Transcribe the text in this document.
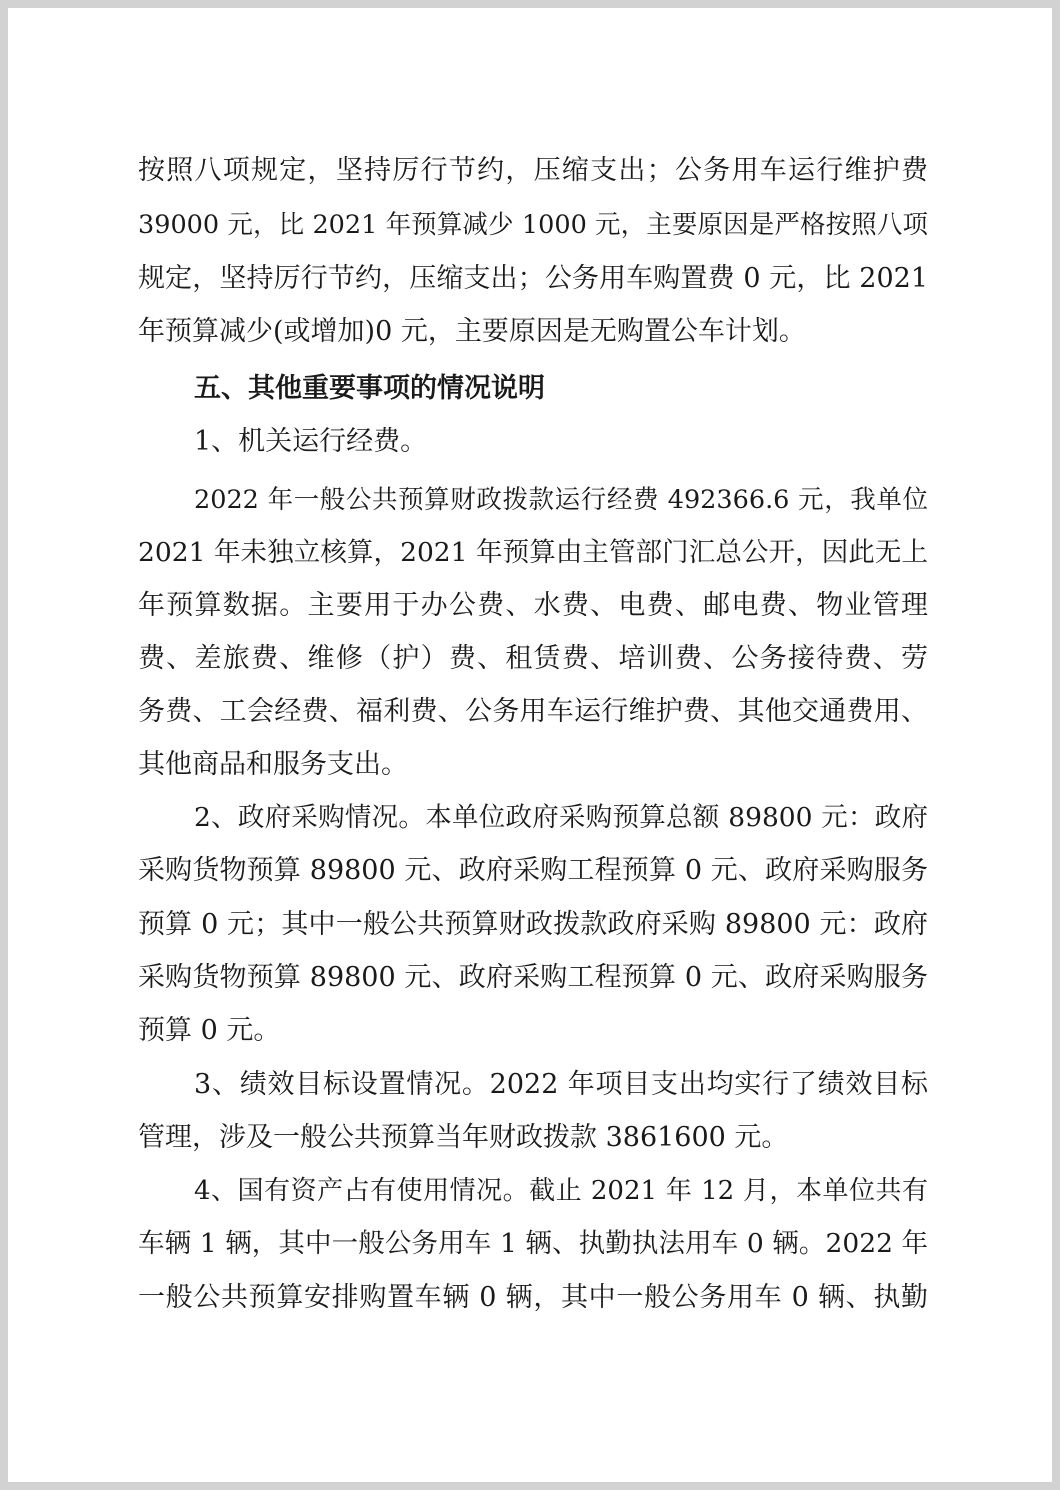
按照八项规定，坚持厉行节约，压缩支出；公务用车运行维护费
39000 元，比 2021 年预算减少 1000 元，主要原因是严格按照八项
规定，坚持厉行节约，压缩支出；公务用车购置费 0 元，比 2021
年预算减少(或增加)0 元，主要原因是无购置公车计划。
五、其他重要事项的情况说明
1、机关运行经费。
2022 年一般公共预算财政拨款运行经费 492366.6 元，我单位
2021 年未独立核算，2021 年预算由主管部门汇总公开，因此无上
年预算数据。主要用于办公费、水费、电费、邮电费、物业管理
费、差旅费、维修（护）费、租赁费、培训费、公务接待费、劳
务费、工会经费、福利费、公务用车运行维护费、其他交通费用、
其他商品和服务支出。
2、政府采购情况。本单位政府采购预算总额 89800 元：政府
采购货物预算 89800 元、政府采购工程预算 0 元、政府采购服务
预算 0 元；其中一般公共预算财政拨款政府采购 89800 元：政府
采购货物预算 89800 元、政府采购工程预算 0 元、政府采购服务
预算 0 元。
3、绩效目标设置情况。2022 年项目支出均实行了绩效目标
管理，涉及一般公共预算当年财政拨款 3861600 元。
4、国有资产占有使用情况。截止 2021 年 12 月，本单位共有
车辆 1 辆，其中一般公务用车 1 辆、执勤执法用车 0 辆。2022 年
一般公共预算安排购置车辆 0 辆，其中一般公务用车 0 辆、执勤
